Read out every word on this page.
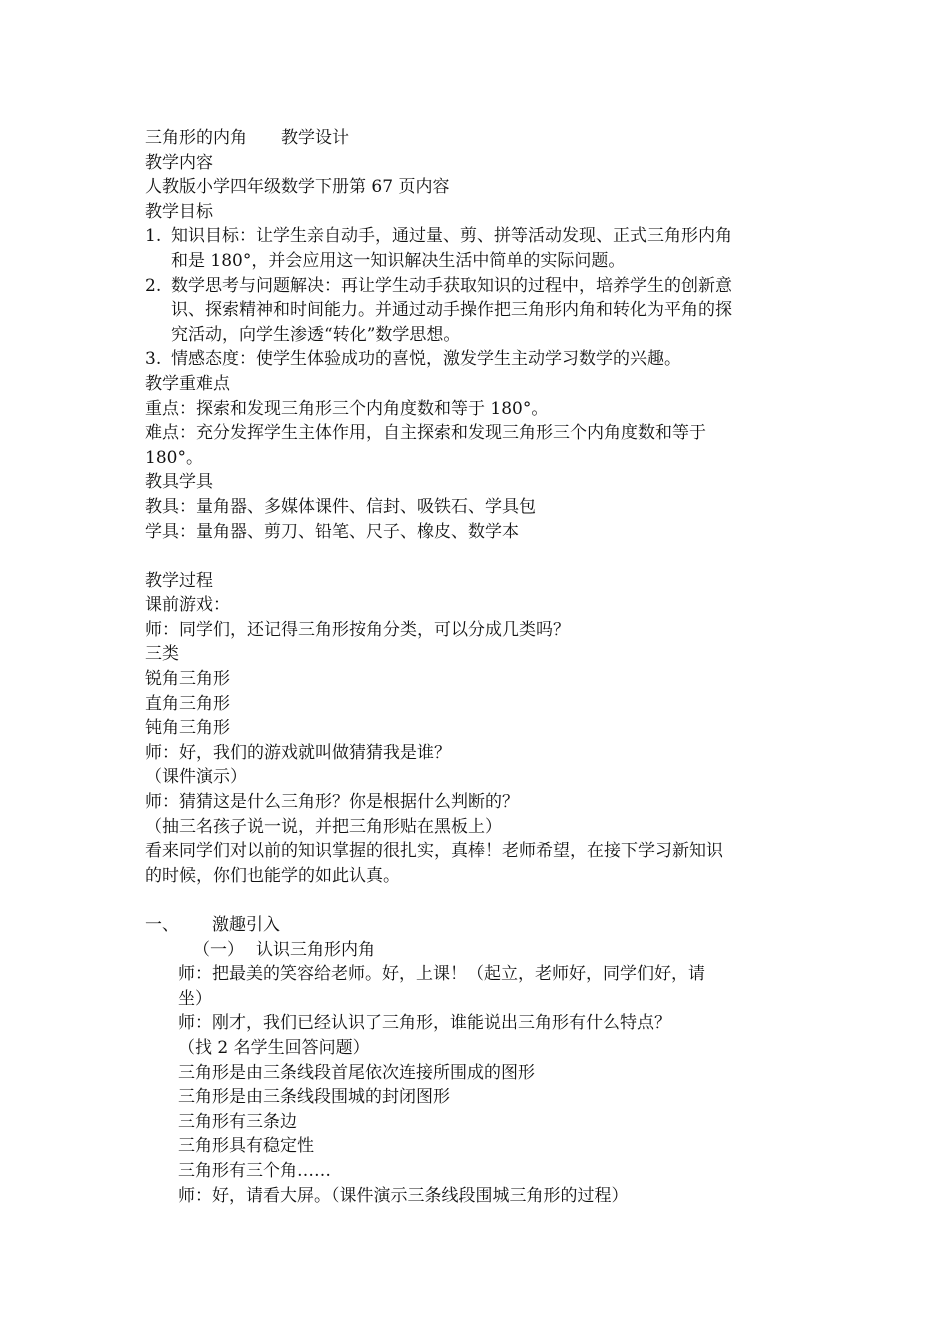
三角形的内角 教学设计
教学内容
人教版小学四年级数学下册第 67 页内容
教学目标
1. 知识目标：让学生亲自动手，通过量、剪、拼等活动发现、正式三角形内角
和是 180°，并会应用这一知识解决生活中简单的实际问题。
2. 数学思考与问题解决：再让学生动手获取知识的过程中，培养学生的创新意
识、探索精神和时间能力。并通过动手操作把三角形内角和转化为平角的探
究活动，向学生渗透“转化”数学思想。
3. 情感态度：使学生体验成功的喜悦，激发学生主动学习数学的兴趣。
教学重难点
重点：探索和发现三角形三个内角度数和等于 180°。
难点：充分发挥学生主体作用，自主探索和发现三角形三个内角度数和等于
180°。
教具学具
教具：量角器、多媒体课件、信封、吸铁石、学具包
学具：量角器、剪刀、铅笔、尺子、橡皮、数学本
教学过程
课前游戏：
师：同学们，还记得三角形按角分类，可以分成几类吗？
三类
锐角三角形
直角三角形
钝角三角形
师：好，我们的游戏就叫做猜猜我是谁？
（课件演示）
师：猜猜这是什么三角形？你是根据什么判断的？
（抽三名孩子说一说，并把三角形贴在黑板上）
看来同学们对以前的知识掌握的很扎实，真棒！老师希望，在接下学习新知识
的时候，你们也能学的如此认真。
一、 激趣引入
（一） 认识三角形内角
师：把最美的笑容给老师。好，上课！（起立，老师好，同学们好，请
坐）
师：刚才，我们已经认识了三角形，谁能说出三角形有什么特点？
（找 2 名学生回答问题）
三角形是由三条线段首尾依次连接所围成的图形
三角形是由三条线段围城的封闭图形
三角形有三条边
三角形具有稳定性
三角形有三个角……
师：好，请看大屏。（课件演示三条线段围城三角形的过程）
